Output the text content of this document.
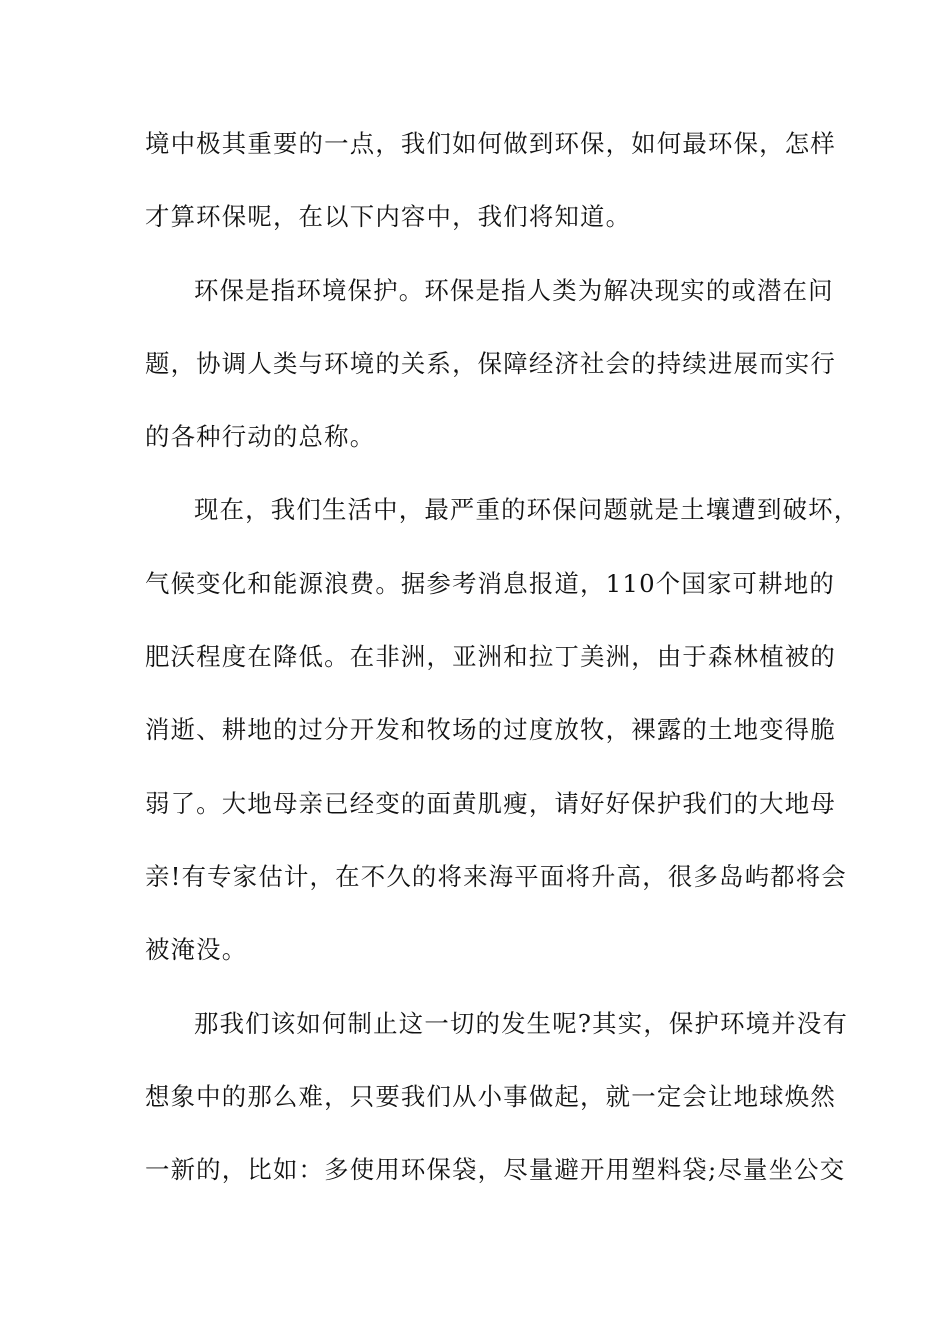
境中极其重要的一点，我们如何做到环保，如何最环保，怎样
才算环保呢，在以下内容中，我们将知道。
环保是指环境保护。环保是指人类为解决现实的或潜在问
题，协调人类与环境的关系，保障经济社会的持续进展而实行
的各种行动的总称。
现在，我们生活中，最严重的环保问题就是土壤遭到破坏，
气候变化和能源浪费。据参考消息报道，110个国家可耕地的
肥沃程度在降低。在非洲，亚洲和拉丁美洲，由于森林植被的
消逝、耕地的过分开发和牧场的过度放牧，裸露的土地变得脆
弱了。大地母亲已经变的面黄肌瘦，请好好保护我们的大地母
亲!有专家估计，在不久的将来海平面将升高，很多岛屿都将会
被淹没。
那我们该如何制止这一切的发生呢?其实，保护环境并没有
想象中的那么难，只要我们从小事做起，就一定会让地球焕然
一新的，比如：多使用环保袋，尽量避开用塑料袋;尽量坐公交
